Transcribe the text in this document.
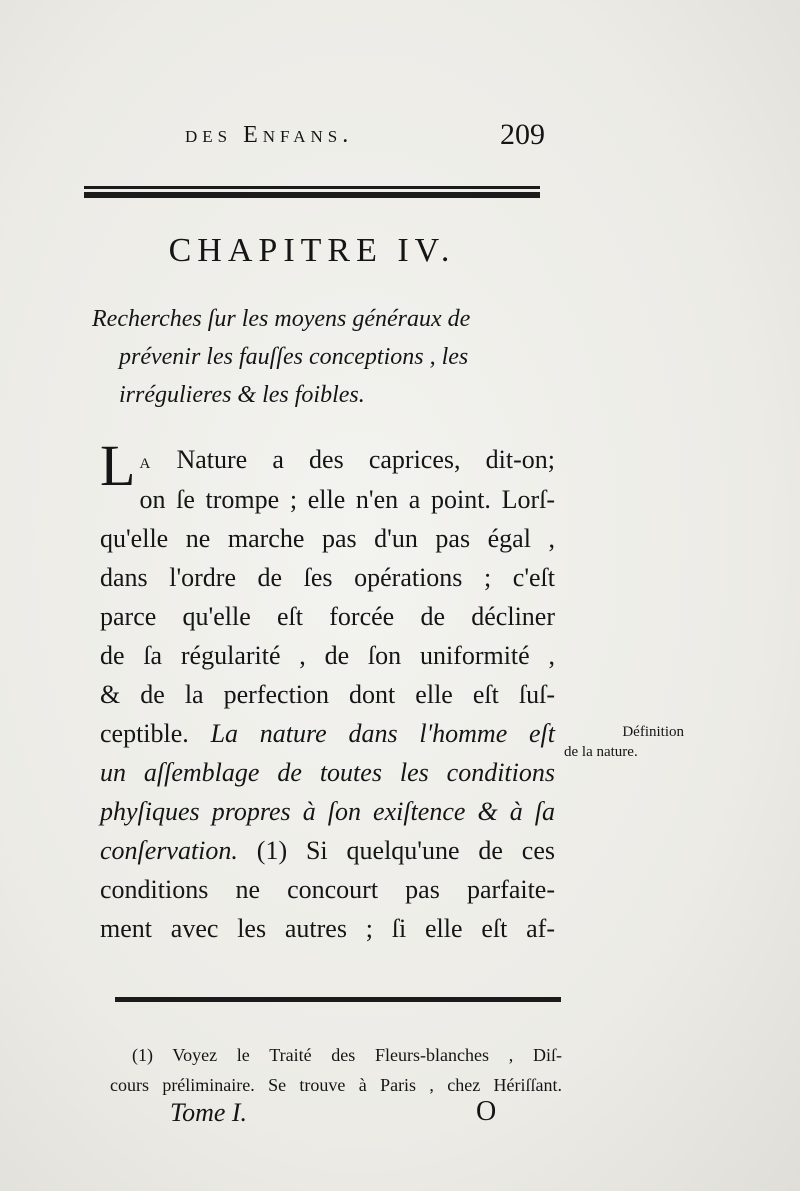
des Enfans.	209
CHAPITRE IV.
Recherches ſur les moyens généraux de
prévenir les fauſſes conceptions , les
irrégulieres & les foibles.
La Nature a des caprices, dit-on;
on ſe trompe ; elle n'en a point. Lorſ-
qu'elle ne marche pas d'un pas égal ,
dans l'ordre de ſes opérations ; c'eſt
parce qu'elle eſt forcée de décliner
de ſa régularité , de ſon uniformité ,
& de la perfection dont elle eſt ſuſ-
ceptible. La nature dans l'homme eſt
un aſſemblage de toutes les conditions
phyſiques propres à ſon exiſtence & à ſa
conſervation. (1) Si quelqu'une de ces
conditions ne concourt pas parfaite-
ment avec les autres ; ſi elle eſt af-
Définition
de la nature.
(1) Voyez le Traité des Fleurs-blanches , Diſ-
cours préliminaire. Se trouve à Paris , chez Hériſſant.
Tome I.	O
